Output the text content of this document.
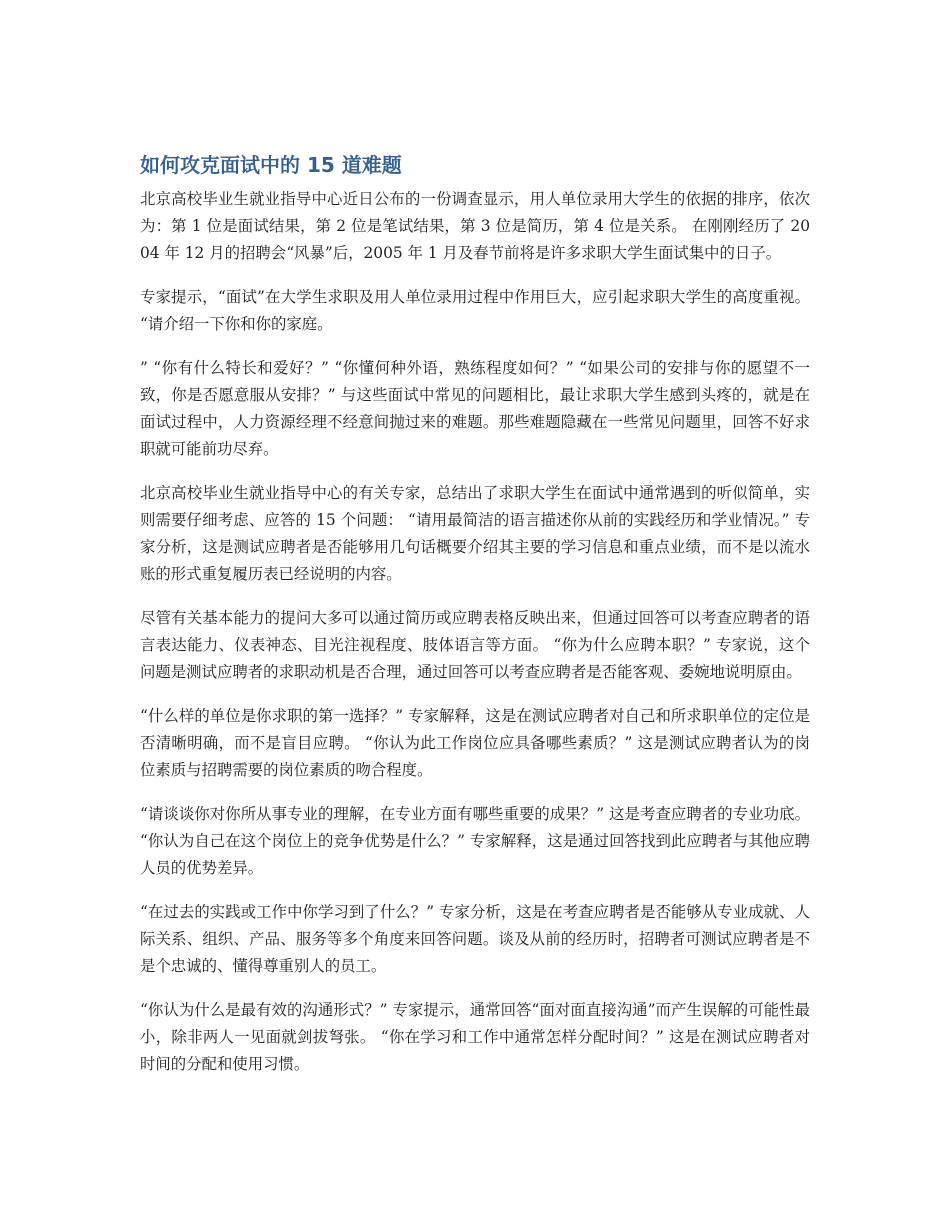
如何攻克面试中的 15 道难题

北京高校毕业生就业指导中心近日公布的一份调查显示，用人单位录用大学生的依据的排序，依次为：第 1 位是面试结果，第 2 位是笔试结果，第 3 位是简历，第 4 位是关系。 在刚刚经历了 2004 年 12 月的招聘会“风暴”后，2005 年 1 月及春节前将是许多求职大学生面试集中的日子。

专家提示，“面试”在大学生求职及用人单位录用过程中作用巨大，应引起求职大学生的高度重视。 “请介绍一下你和你的家庭。

” “你有什么特长和爱好？” “你懂何种外语，熟练程度如何？” “如果公司的安排与你的愿望不一致，你是否愿意服从安排？” 与这些面试中常见的问题相比，最让求职大学生感到头疼的，就是在面试过程中，人力资源经理不经意间抛过来的难题。那些难题隐藏在一些常见问题里，回答不好求职就可能前功尽弃。

北京高校毕业生就业指导中心的有关专家，总结出了求职大学生在面试中通常遇到的听似简单，实则需要仔细考虑、应答的 15 个问题： “请用最简洁的语言描述你从前的实践经历和学业情况。” 专家分析，这是测试应聘者是否能够用几句话概要介绍其主要的学习信息和重点业绩，而不是以流水账的形式重复履历表已经说明的内容。

尽管有关基本能力的提问大多可以通过简历或应聘表格反映出来，但通过回答可以考查应聘者的语言表达能力、仪表神态、目光注视程度、肢体语言等方面。 “你为什么应聘本职？” 专家说，这个问题是测试应聘者的求职动机是否合理，通过回答可以考查应聘者是否能客观、委婉地说明原由。

“什么样的单位是你求职的第一选择？” 专家解释，这是在测试应聘者对自己和所求职单位的定位是否清晰明确，而不是盲目应聘。 “你认为此工作岗位应具备哪些素质？” 这是测试应聘者认为的岗位素质与招聘需要的岗位素质的吻合程度。

“请谈谈你对你所从事专业的理解，在专业方面有哪些重要的成果？” 这是考查应聘者的专业功底。 “你认为自己在这个岗位上的竞争优势是什么？” 专家解释，这是通过回答找到此应聘者与其他应聘人员的优势差异。

“在过去的实践或工作中你学习到了什么？” 专家分析，这是在考查应聘者是否能够从专业成就、人际关系、组织、产品、服务等多个角度来回答问题。谈及从前的经历时，招聘者可测试应聘者是不是个忠诚的、懂得尊重别人的员工。

“你认为什么是最有效的沟通形式？” 专家提示，通常回答“面对面直接沟通”而产生误解的可能性最小，除非两人一见面就剑拔弩张。 “你在学习和工作中通常怎样分配时间？” 这是在测试应聘者对时间的分配和使用习惯。
